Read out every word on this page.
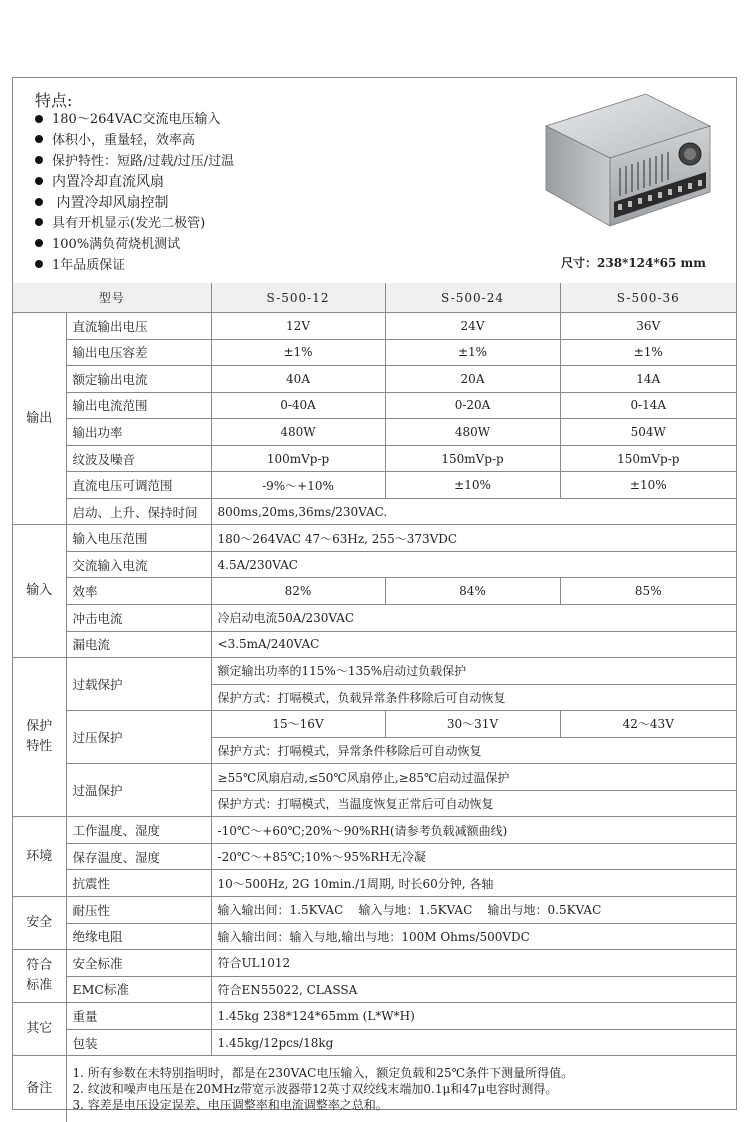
特点:
180～264VAC交流电压输入
体积小，重量轻，效率高
保护特性：短路/过载/过压/过温
内置冷却直流风扇
内置冷却风扇控制
具有开机显示(发光二极管)
100%满负荷烧机测试
1年品质保证	尺寸：238*124*65 mm
型号		S-500-12	S-500-24	S-500-36
输出	直流输出电压	12V	24V	36V
	输出电压容差	±1%	±1%	±1%
	额定输出电流	40A	20A	14A
	输出电流范围	0-40A	0-20A	0-14A
	输出功率	480W	480W	504W
	纹波及噪音	100mVp-p	150mVp-p	150mVp-p
	直流电压可调范围	-9%～+10%	±10%	±10%
	启动、上升、保持时间	800ms,20ms,36ms/230VAC.		
输入	输入电压范围	180～264VAC 47～63Hz, 255～373VDC		
	交流输入电流	4.5A/230VAC		
	效率	82%	84%	85%
	冲击电流	冷启动电流50A/230VAC		
	漏电流	<3.5mA/240VAC		
保护特性	过载保护	额定输出功率的115%～135%启动过负载保护		
		保护方式：打嗝模式，负载异常条件移除后可自动恢复		
	过压保护	15～16V	30～31V	42～43V
		保护方式：打嗝模式，异常条件移除后可自动恢复		
	过温保护	≥55℃风扇启动,≤50℃风扇停止,≥85℃启动过温保护		
		保护方式：打嗝模式，当温度恢复正常后可自动恢复		
环境	工作温度、湿度	-10℃～+60℃;20%～90%RH(请参考负载减额曲线)		
	保存温度、湿度	-20℃～+85℃;10%～95%RH无冷凝		
	抗震性	10～500Hz, 2G 10min./1周期, 时长60分钟, 各轴		
安全	耐压性	输入输出间：1.5KVAC    输入与地：1.5KVAC    输出与地：0.5KVAC		
	绝缘电阻	输入输出间：输入与地,输出与地：100M Ohms/500VDC		
符合标准	安全标准	符合UL1012		
	EMC标准	符合EN55022, CLASSA		
其它	重量	1.45kg 238*124*65mm (L*W*H)		
	包装	1.45kg/12pcs/18kg		
备注	1. 所有参数在未特别指明时，都是在230VAC电压输入，额定负载和25℃条件下测量所得值。
2. 纹波和噪声电压是在20MHz带宽示波器带12英寸双绞线末端加0.1μ和47μ电容时测得。
3. 容差是电压设定误差、电压调整率和电流调整率之总和。			
